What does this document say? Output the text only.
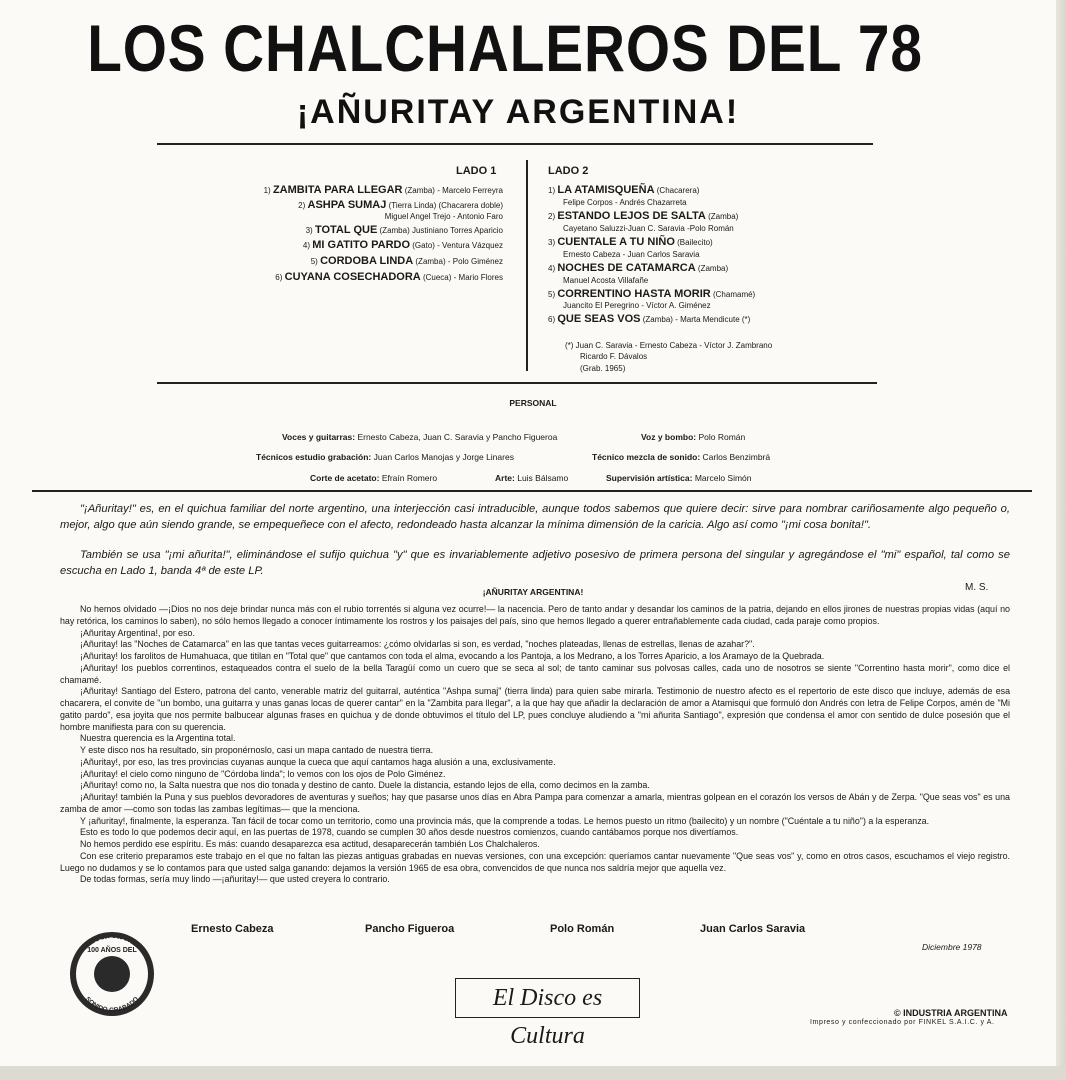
LOS CHALCHALEROS DEL 78
¡AÑURITAY ARGENTINA!
LADO 1
1) ZAMBITA PARA LLEGAR (Zamba) - Marcelo Ferreyra
2) ASHPA SUMAJ (Tierra Linda) (Chacarera doble)
Miguel Angel Trejo - Antonio Faro
3) TOTAL QUE (Zamba) Justiniano Torres Aparicio
4) MI GATITO PARDO (Gato) - Ventura Vázquez
5) CORDOBA LINDA (Zamba) - Polo Giménez
6) CUYANA COSECHADORA (Cueca) - Mario Flores
LADO 2
1) LA ATAMISQUEÑA (Chacarera)
Felipe Corpos - Andrés Chazarreta
2) ESTANDO LEJOS DE SALTA (Zamba)
Cayetano Saluzzi-Juan C. Saravia -Polo Román
3) CUENTALE A TU NIÑO (Bailecito)
Ernesto Cabeza - Juan Carlos Saravia
4) NOCHES DE CATAMARCA (Zamba)
Manuel Acosta Villafañe
5) CORRENTINO HASTA MORIR (Chamamé)
Juancito El Peregrino - Víctor A. Giménez
6) QUE SEAS VOS (Zamba) - Marta Mendicute (*)
(*) Juan C. Saravia - Ernesto Cabeza - Víctor J. Zambrano
Ricardo F. Dávalos
(Grab. 1965)
PERSONAL
Voces y guitarras: Ernesto Cabeza, Juan C. Saravia y Pancho Figueroa	Voz y bombo: Polo Román
Técnicos estudio grabación: Juan Carlos Manojas y Jorge Linares	Técnico mezcla de sonido: Carlos Benzimbrá
Corte de acetato: Efraín Romero	Arte: Luis Bálsamo	Supervisión artística: Marcelo Simón
"¡Añuritay!" es, en el quichua familiar del norte argentino, una interjección casi intraducible, aunque todos sabemos que quiere decir: sirve para nombrar cariñosamente algo pequeño o, mejor, algo que aún siendo grande, se empequeñece con el afecto, redondeado hasta alcanzar la mínima dimensión de la caricia. Algo así como "¡mi cosa bonita!".
También se usa "¡mi añurita!", eliminándose el sufijo quichua "y" que es invariablemente adjetivo posesivo de primera persona del singular y agregándose el "mi" español, tal como se escucha en Lado 1, banda 4ª de este LP.
¡AÑURITAY ARGENTINA!	M. S.

No hemos olvidado —¡Dios no nos deje brindar nunca más con el rubio torrentés si alguna vez ocurre!— la nacencia. Pero de tanto andar y desandar los caminos de la patria, dejando en ellos jirones de nuestras propias vidas (aquí no hay retórica, los caminos lo saben), no sólo hemos llegado a conocer íntimamente los rostros y los paisajes del país, sino que hemos llegado a querer entrañablemente cada ciudad, cada paraje como propios.

¡Añuritay Argentina!, por eso.

¡Añuritay! las "Noches de Catamarca" en las que tantas veces guitarreamos: ¿cómo olvidarlas si son, es verdad, "noches plateadas, llenas de estrellas, llenas de azahar?".

¡Añuritay! los farolitos de Humahuaca, que titilan en "Total que" que cantamos con toda el alma, evocando a los Pantoja, a los Medrano, a los Torres Aparicio, a los Aramayo de la Quebrada.

¡Añuritay! los pueblos correntinos, estaqueados contra el suelo de la bella Taragüí como un cuero que se seca al sol; de tanto caminar sus polvosas calles, cada uno de nosotros se siente "Correntino hasta morir", como dice el chamamé.

¡Añuritay! Santiago del Estero, patrona del canto, venerable matriz del guitarral, auténtica "Ashpa sumaj" (tierra linda) para quien sabe mirarla. Testimonio de nuestro afecto es el repertorio de este disco que incluye, además de esa chacarera, el convite de "un bombo, una guitarra y unas ganas locas de querer cantar" en la "Zambita para llegar", a la que hay que añadir la declaración de amor a Atamisqui que formuló don Andrés con letra de Felipe Corpos, amén de "Mi gatito pardo", esa joyita que nos permite balbucear algunas frases en quichua y de donde obtuvimos el título del LP, pues concluye aludiendo a "mi añurita Santiago", expresión que condensa el amor con sentido de dulce posesión que el hombre manifiesta para con su querencia.

Nuestra querencia es la Argentina total.

Y este disco nos ha resultado, sin proponérnoslo, casi un mapa cantado de nuestra tierra.

¡Añuritay!, por eso, las tres provincias cuyanas aunque la cueca que aquí cantamos haga alusión a una, exclusivamente.

¡Añuritay! el cielo como ninguno de "Córdoba linda"; lo vemos con los ojos de Polo Giménez.

¡Añuritay! como no, la Salta nuestra que nos dio tonada y destino de canto. Duele la distancia, estando lejos de ella, como decimos en la zamba.

¡Añuritay! también la Puna y sus pueblos devoradores de aventuras y sueños; hay que pasarse unos días en Abra Pampa para comenzar a amarla, mientras golpean en el corazón los versos de Abán y de Zerpa. "Que seas vos" es una zamba de amor —como son todas las zambas legítimas— que la menciona.

Y ¡añuritay!, finalmente, la esperanza. Tan fácil de tocar como un territorio, como una provincia más, que la comprende a todas. Le hemos puesto un ritmo (bailecito) y un nombre ("Cuéntale a tu niño") a la esperanza.

Esto es todo lo que podemos decir aquí, en las puertas de 1978, cuando se cumplen 30 años desde nuestros comienzos, cuando cantábamos porque nos divertíamos.

No hemos perdido ese espíritu. Es más: cuando desaparezca esa actitud, desaparecerán también Los Chalchaleros.

Con ese criterio preparamos este trabajo en el que no faltan las piezas antiguas grabadas en nuevas versiones, con una excepción: queríamos cantar nuevamente "Que seas vos" y, como en otros casos, escuchamos el viejo registro. Luego no dudamos y se lo contamos para que usted salga ganando: dejamos la versión 1965 de esa obra, convencidos de que nunca nos saldría mejor que aquella vez.

De todas formas, sería muy lindo —¡añuritay!— que usted creyera lo contrario.

Ernesto Cabeza	Pancho Figueroa	Polo Román	Juan Carlos Saravia
Diciembre 1978
ADHESION
100 AÑOS DEL
SONIDO GRABADO	El Disco es Cultura
© INDUSTRIA ARGENTINA
Impreso y confeccionado por FINKEL S.A.I.C. y A.
